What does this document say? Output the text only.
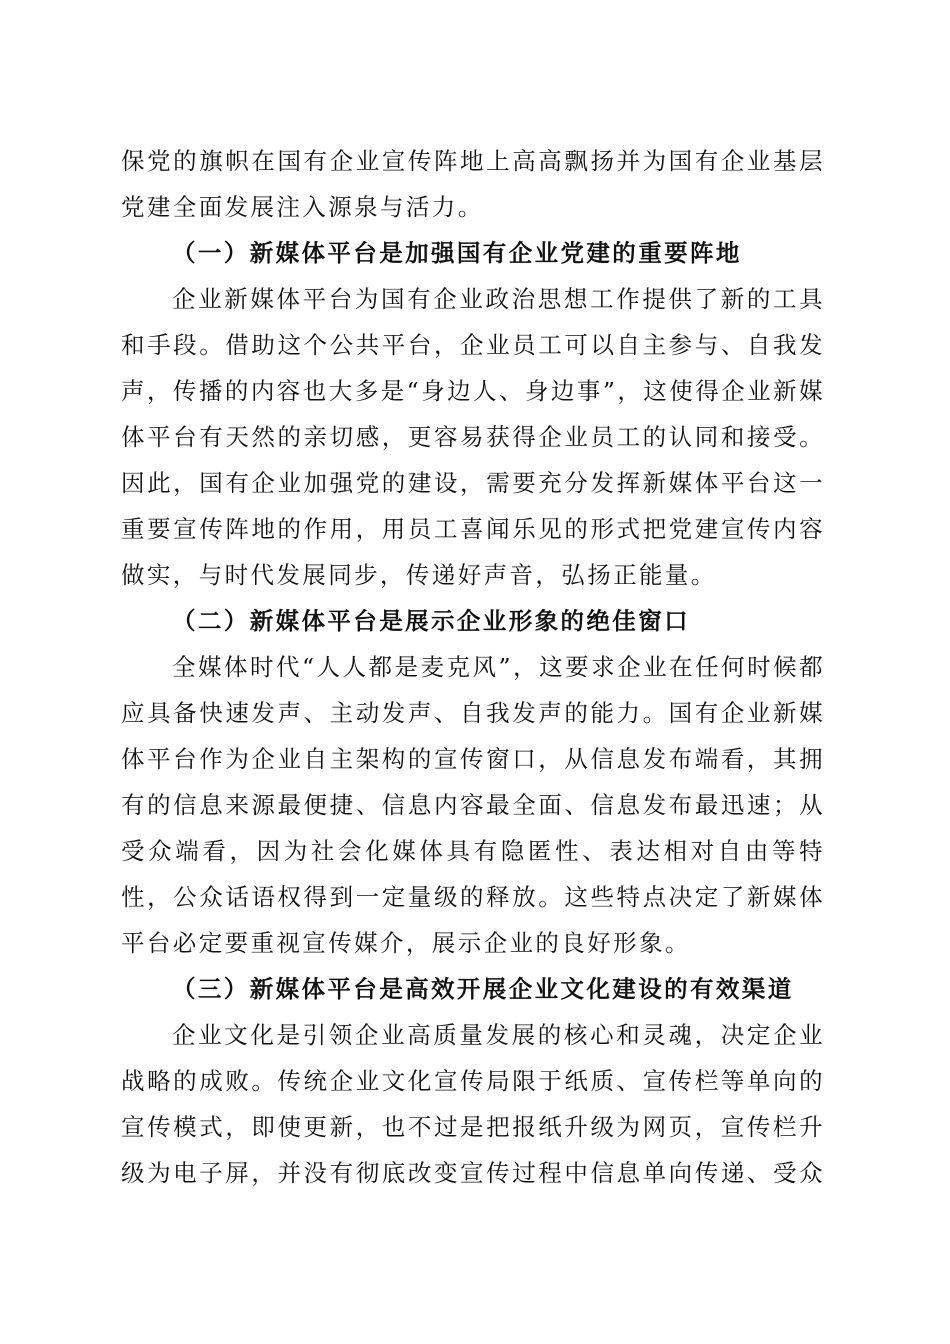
保党的旗帜在国有企业宣传阵地上高高飘扬并为国有企业基层党建全面发展注入源泉与活力。

（一）新媒体平台是加强国有企业党建的重要阵地

企业新媒体平台为国有企业政治思想工作提供了新的工具和手段。借助这个公共平台，企业员工可以自主参与、自我发声，传播的内容也大多是“身边人、身边事”，这使得企业新媒体平台有天然的亲切感，更容易获得企业员工的认同和接受。因此，国有企业加强党的建设，需要充分发挥新媒体平台这一重要宣传阵地的作用，用员工喜闻乐见的形式把党建宣传内容做实，与时代发展同步，传递好声音，弘扬正能量。

（二）新媒体平台是展示企业形象的绝佳窗口

全媒体时代“人人都是麦克风”，这要求企业在任何时候都应具备快速发声、主动发声、自我发声的能力。国有企业新媒体平台作为企业自主架构的宣传窗口，从信息发布端看，其拥有的信息来源最便捷、信息内容最全面、信息发布最迅速；从受众端看，因为社会化媒体具有隐匿性、表达相对自由等特性，公众话语权得到一定量级的释放。这些特点决定了新媒体平台必定要重视宣传媒介，展示企业的良好形象。

（三）新媒体平台是高效开展企业文化建设的有效渠道

企业文化是引领企业高质量发展的核心和灵魂，决定企业战略的成败。传统企业文化宣传局限于纸质、宣传栏等单向的宣传模式，即使更新，也不过是把报纸升级为网页，宣传栏升级为电子屏，并没有彻底改变宣传过程中信息单向传递、受众
